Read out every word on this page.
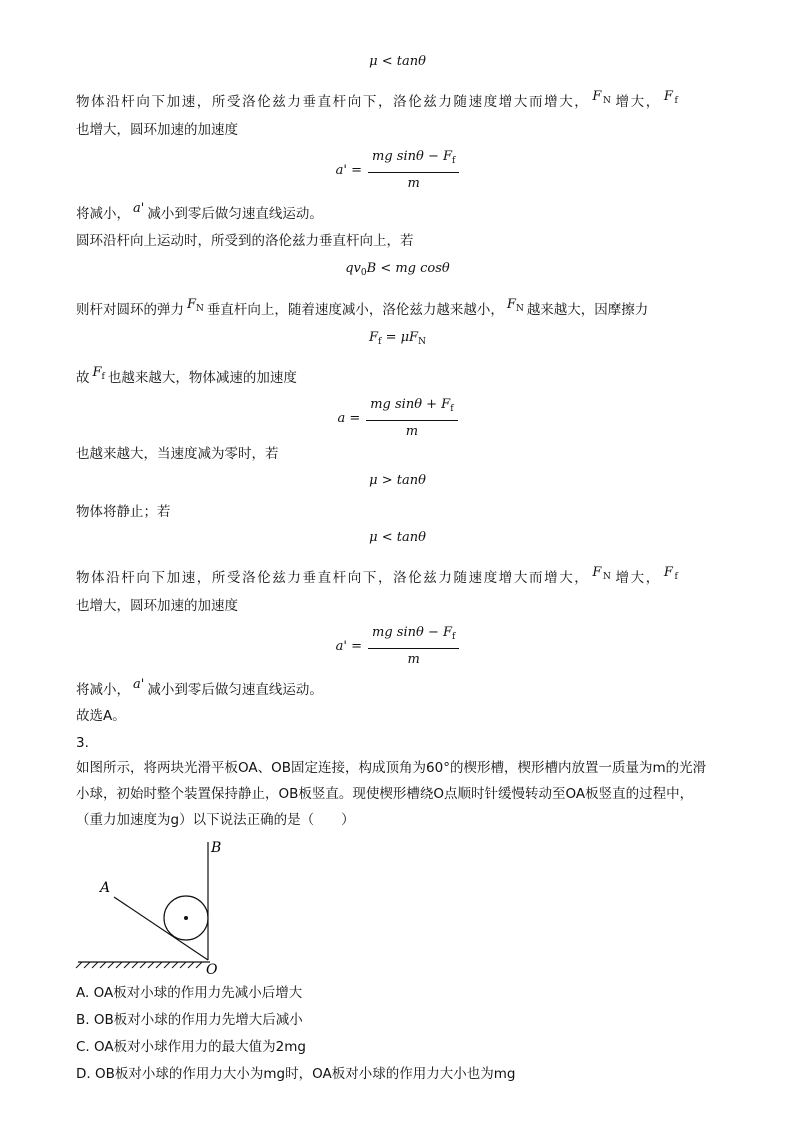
μ < tanθ
物体沿杆向下加速，所受洛伦兹力垂直杆向下，洛伦兹力随速度增大而增大， $F_N$ 增大， $F_f$
也增大，圆环加速的加速度
$a' = \frac{mg \sin\theta - F_f}{m}$
将减小， a' 减小到零后做匀速直线运动。
圆环沿杆向上运动时，所受到的洛伦兹力垂直杆向上，若
$qv_0B$ < mg cosθ
则杆对圆环的弹力 $F_N$ 垂直杆向上，随着速度减小，洛伦兹力越来越小， $F_N$ 越来越大，因摩擦力
$F_f = \mu F_N$
故 $F_f$ 也越来越大，物体减速的加速度
$a = \frac{mg \sin\theta + F_f}{m}$
也越来越大，当速度减为零时，若
μ > tanθ
物体将静止；若
μ < tanθ
物体沿杆向下加速，所受洛伦兹力垂直杆向下，洛伦兹力随速度增大而增大， $F_N$ 增大， $F_f$
也增大，圆环加速的加速度
$a' = \frac{mg \sin\theta - F_f}{m}$
将减小， a' 减小到零后做匀速直线运动。
故选A。
3.
如图所示，将两块光滑平板OA、OB固定连接，构成顶角为60°的楔形槽，楔形槽内放置一质量为m的光滑
小球，初始时整个装置保持静止，OB板竖直。现使楔形槽绕O点顺时针缓慢转动至OA板竖直的过程中，
（重力加速度为g）以下说法正确的是（　　）
A
B
O
A. OA板对小球的作用力先减小后增大
B. OB板对小球的作用力先增大后减小
C. OA板对小球作用力的最大值为2mg
D. OB板对小球的作用力大小为mg时，OA板对小球的作用力大小也为mg
